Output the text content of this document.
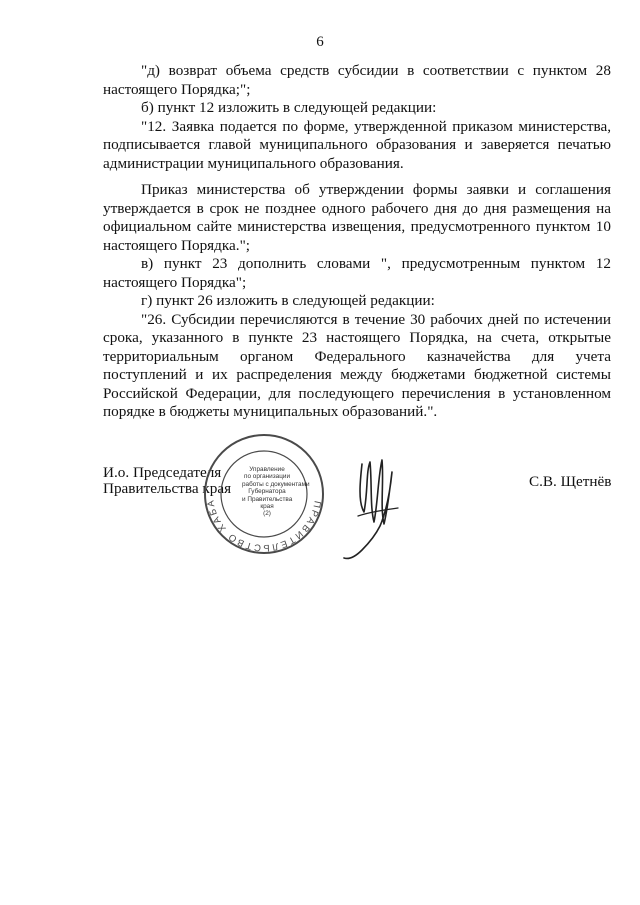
6

"д) возврат объема средств субсидии в соответствии с пунктом 28 настоящего Порядка;";

б) пункт 12 изложить в следующей редакции:

"12. Заявка подается по форме, утвержденной приказом министерства, подписывается главой муниципального образования и заверяется печатью администрации муниципального образования.

Приказ министерства об утверждении формы заявки и соглашения утверждается в срок не позднее одного рабочего дня до дня размещения на официальном сайте министерства извещения, предусмотренного пунктом 10 настоящего Порядка.";

в) пункт 23 дополнить словами ", предусмотренным пунктом 12 настоящего Порядка";

г) пункт 26 изложить в следующей редакции:

"26. Субсидии перечисляются в течение 30 рабочих дней по истечении срока, указанного в пункте 23 настоящего Порядка, на счета, открытые территориальным органом Федерального казначейства для учета поступлений и их распределения между бюджетами бюджетной системы Российской Федерации, для последующего перечисления в установленном порядке в бюджеты муниципальных образований.".

И.о. Председателя
Правительства края
ПРАВИТЕЛЬСТВО ХАБА
Управление
по организации
работы с документами
Губернатора
и Правительства
края
(2)
С.В. Щетнёв
